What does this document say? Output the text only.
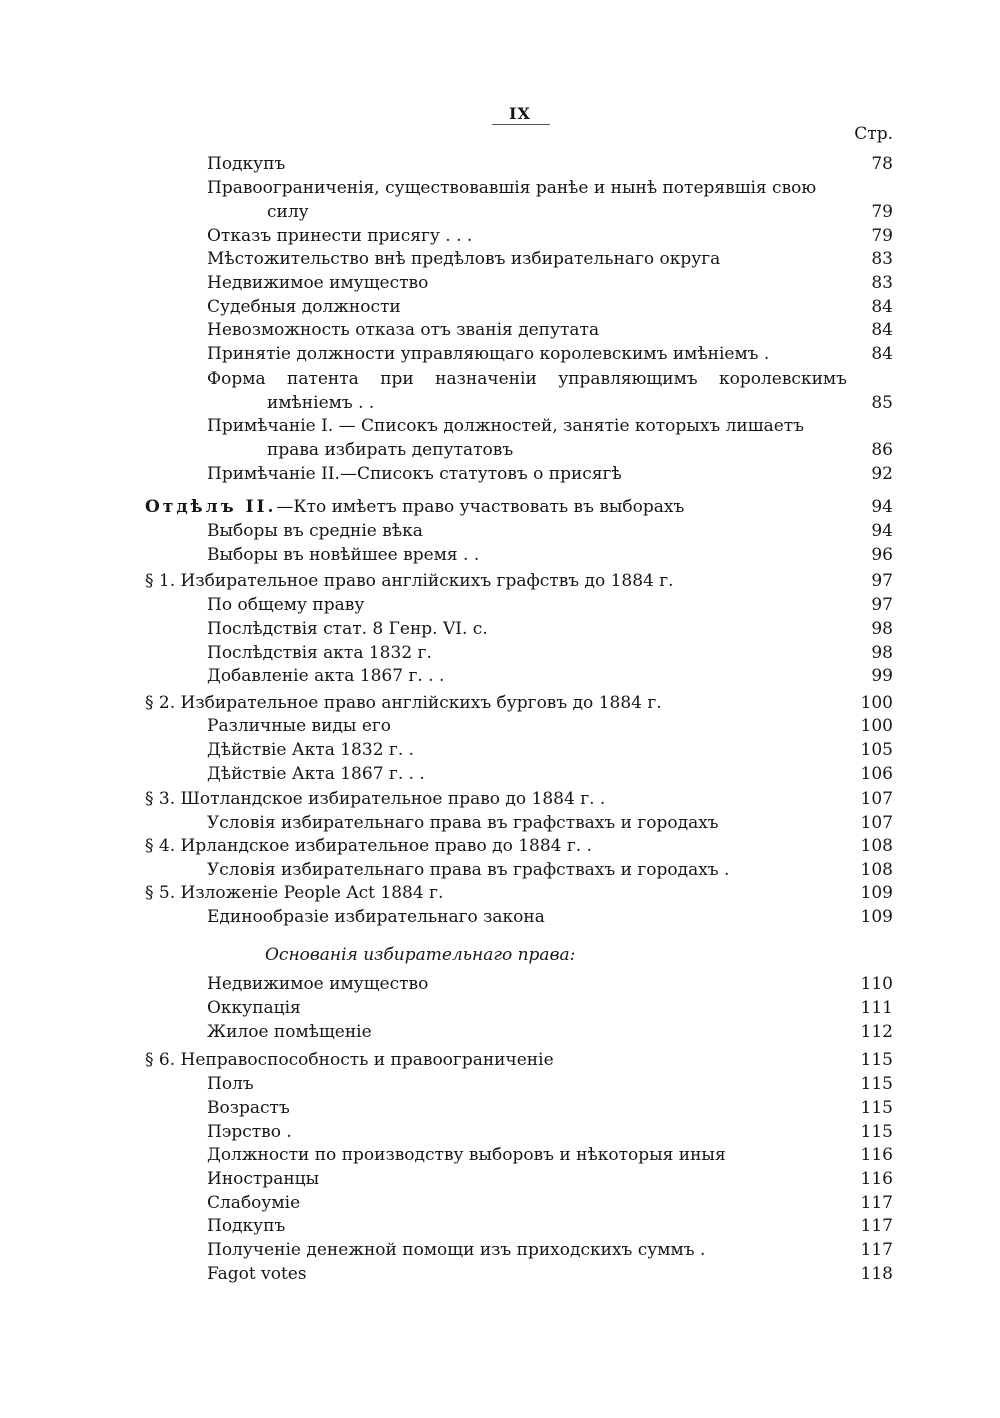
IX
Стр.
Подкупъ	78
Правоограниченія, существовавшія ранѣе и нынѣ потерявшія свою
силу	79
Отказъ принести присягу . . .	79
Мѣстожительство внѣ предѣловъ избирательнаго округа	83
Недвижимое имущество	83
Судебныя должности	84
Невозможность отказа отъ званія депутата	84
Принятіе должности управляющаго королевскимъ имѣніемъ .	84
Форма патента при назначеніи управляющимъ королевскимъ
имѣніемъ . .	85
Примѣчаніе I. — Списокъ должностей, занятіе которыхъ лишаетъ
права избирать депутатовъ	86
Примѣчаніе II.—Списокъ статутовъ о присягѣ	92
Отдѣлъ II.—Кто имѣетъ право участвовать въ выборахъ	94
Выборы въ средніе вѣка	94
Выборы въ новѣйшее время . .	96
§ 1. Избирательное право англійскихъ графствъ до 1884 г.	97
По общему праву	97
Послѣдствія стат. 8 Генр. VI. с.	98
Послѣдствія акта 1832 г.	98
Добавленіе акта 1867 г. . .	99
§ 2. Избирательное право англійскихъ бурговъ до 1884 г.	100
Различные виды его	100
Дѣйствіе Акта 1832 г. .	105
Дѣйствіе Акта 1867 г. . .	106
§ 3. Шотландское избирательное право до 1884 г. .	107
Условія избирательнаго права въ графствахъ и городахъ	107
§ 4. Ирландское избирательное право до 1884 г. .	108
Условія избирательнаго права въ графствахъ и городахъ .	108
§ 5. Изложеніе People Act 1884 г.	109
Единообразіе избирательнаго закона	109
Основанія избирательнаго права:
Недвижимое имущество	110
Оккупація	111
Жилое помѣщеніе	112
§ 6. Неправоспособность и правоограниченіе	115
Полъ	115
Возрастъ	115
Пэрство .	115
Должности по производству выборовъ и нѣкоторыя иныя	116
Иностранцы	116
Слабоуміе	117
Подкупъ	117
Полученіе денежной помощи изъ приходскихъ суммъ .	117
Fagot votes	118
